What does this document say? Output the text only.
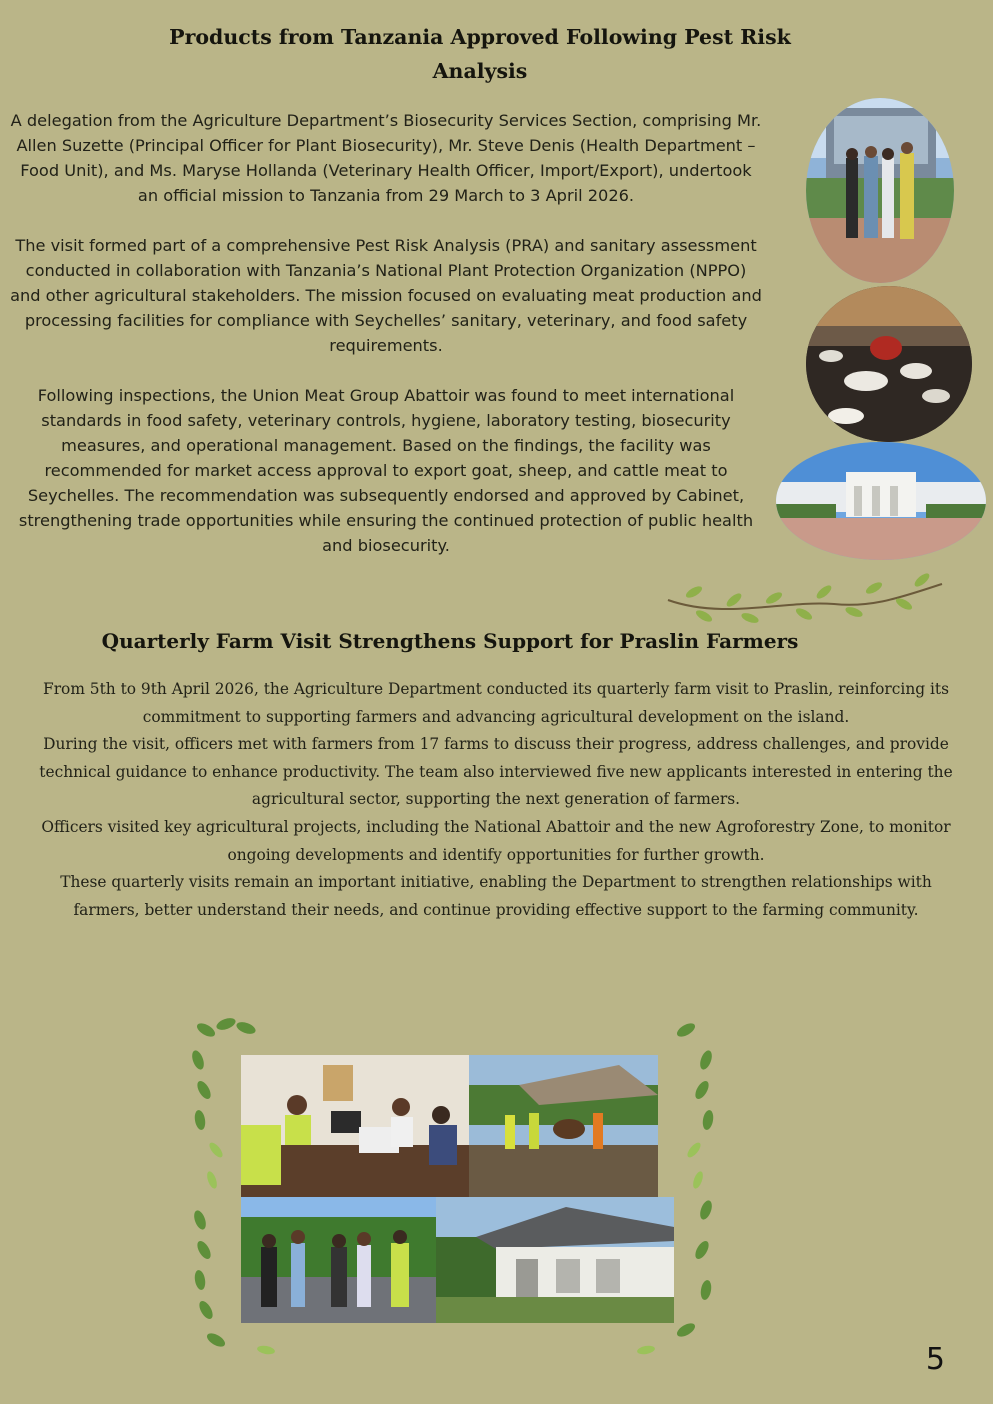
Products from Tanzania Approved Following Pest Risk Analysis

A delegation from the Agriculture Department’s Biosecurity Services Section, comprising Mr. Allen Suzette (Principal Officer for Plant Biosecurity), Mr. Steve Denis (Health Department – Food Unit), and Ms. Maryse Hollanda (Veterinary Health Officer, Import/Export), undertook an official mission to Tanzania from 29 March to 3 April 2026.

The visit formed part of a comprehensive Pest Risk Analysis (PRA) and sanitary assessment conducted in collaboration with Tanzania’s National Plant Protection Organization (NPPO) and other agricultural stakeholders. The mission focused on evaluating meat production and processing facilities for compliance with Seychelles’ sanitary, veterinary, and food safety requirements.

Following inspections, the Union Meat Group Abattoir was found to meet international standards in food safety, veterinary controls, hygiene, laboratory testing, biosecurity measures, and operational management. Based on the findings, the facility was recommended for market access approval to export goat, sheep, and cattle meat to Seychelles. The recommendation was subsequently endorsed and approved by Cabinet, strengthening trade opportunities while ensuring the continued protection of public health and biosecurity.

Quarterly Farm Visit Strengthens Support for Praslin Farmers

From 5th to 9th April 2026, the Agriculture Department conducted its quarterly farm visit to Praslin, reinforcing its commitment to supporting farmers and advancing agricultural development on the island.

During the visit, officers met with farmers from 17 farms to discuss their progress, address challenges, and provide technical guidance to enhance productivity. The team also interviewed five new applicants interested in entering the agricultural sector, supporting the next generation of farmers.

Officers visited key agricultural projects, including the National Abattoir and the new Agroforestry Zone, to monitor ongoing developments and identify opportunities for further growth.

These quarterly visits remain an important initiative, enabling the Department to strengthen relationships with farmers, better understand their needs, and continue providing effective support to the farming community.

5
